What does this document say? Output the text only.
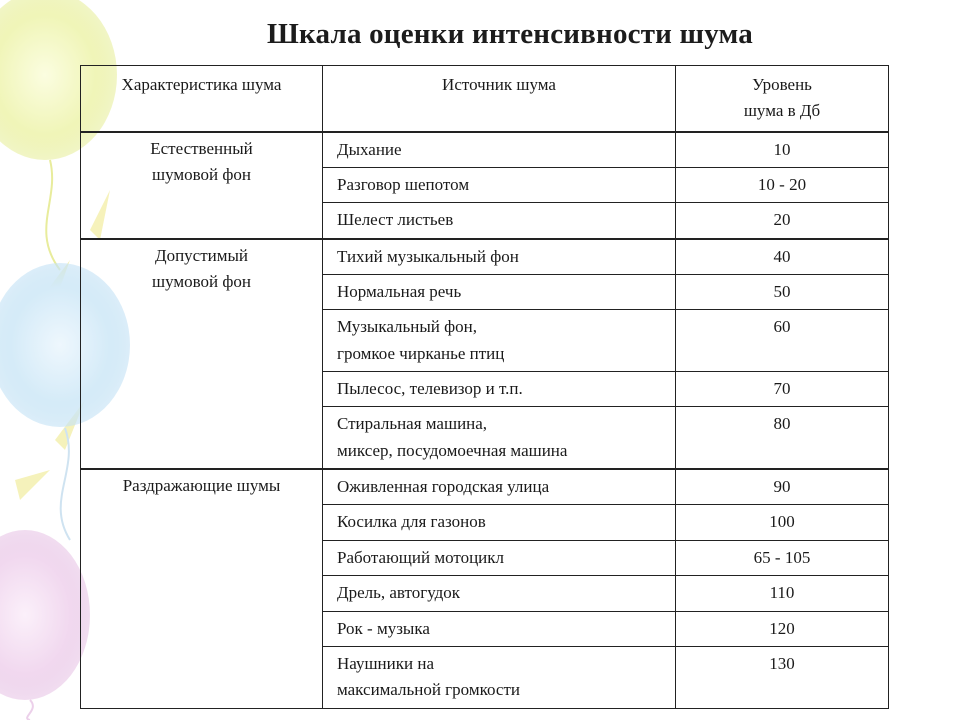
Шкала оценки интенсивности шума
Характеристика шума	Источник шума	Уровень
шума в Дб
Естественный
шумовой фон	Дыхание	10
	Разговор шепотом	10 - 20
	Шелест листьев	20
Допустимый
шумовой фон	Тихий музыкальный фон	40
	Нормальная речь	50
	Музыкальный фон,
громкое чирканье птиц	60
	Пылесос, телевизор и т.п.	70
	Стиральная машина,
миксер, посудомоечная машина	80
Раздражающие шумы	Оживленная городская улица	90
	Косилка для газонов	100
	Работающий мотоцикл	65 - 105
	Дрель, автогудок	110
	Рок - музыка	120
	Наушники на
максимальной громкости	130
